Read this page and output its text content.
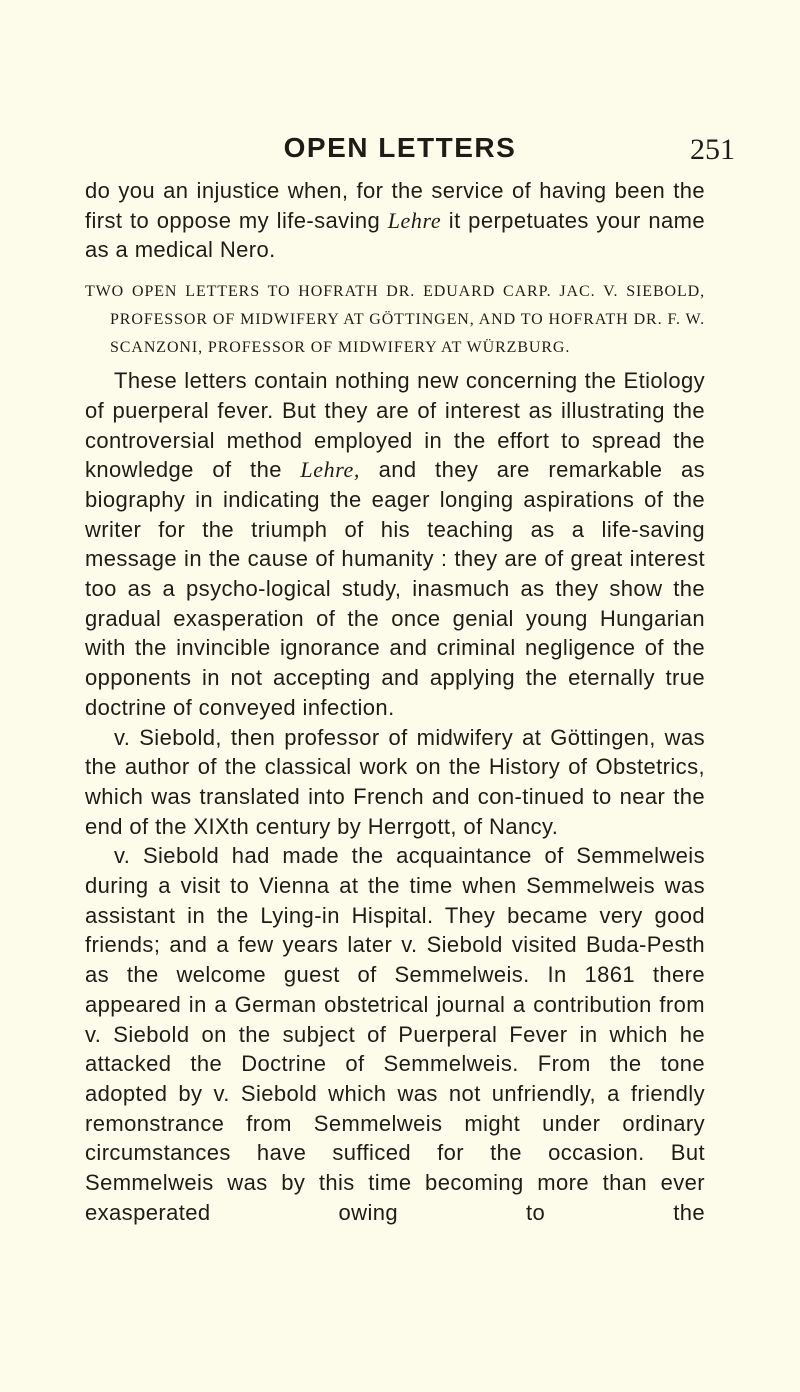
OPEN LETTERS	251

do you an injustice when, for the service of having been the first to oppose my life-saving Lehre it perpetuates your name as a medical Nero.

TWO OPEN LETTERS TO HOFRATH DR. EDUARD CARP. JAC. V. SIEBOLD, PROFESSOR OF MIDWIFERY AT GÖTTINGEN, AND TO HOFRATH DR. F. W. SCANZONI, PROFESSOR OF MIDWIFERY AT WÜRZBURG.

These letters contain nothing new concerning the Etiology of puerperal fever. But they are of interest as illustrating the controversial method employed in the effort to spread the knowledge of the Lehre, and they are remarkable as biography in indicating the eager longing aspirations of the writer for the triumph of his teaching as a life-saving message in the cause of humanity : they are of great interest too as a psycho-logical study, inasmuch as they show the gradual exasperation of the once genial young Hungarian with the invincible ignorance and criminal negligence of the opponents in not accepting and applying the eternally true doctrine of conveyed infection.

v. Siebold, then professor of midwifery at Göttingen, was the author of the classical work on the History of Obstetrics, which was translated into French and con-tinued to near the end of the XIXth century by Herrgott, of Nancy.

v. Siebold had made the acquaintance of Semmelweis during a visit to Vienna at the time when Semmelweis was assistant in the Lying-in Hispital. They became very good friends; and a few years later v. Siebold visited Buda-Pesth as the welcome guest of Semmelweis. In 1861 there appeared in a German obstetrical journal a contribution from v. Siebold on the subject of Puerperal Fever in which he attacked the Doctrine of Semmelweis. From the tone adopted by v. Siebold which was not unfriendly, a friendly remonstrance from Semmelweis might under ordinary circumstances have sufficed for the occasion. But Semmelweis was by this time becoming more than ever exasperated owing to the
